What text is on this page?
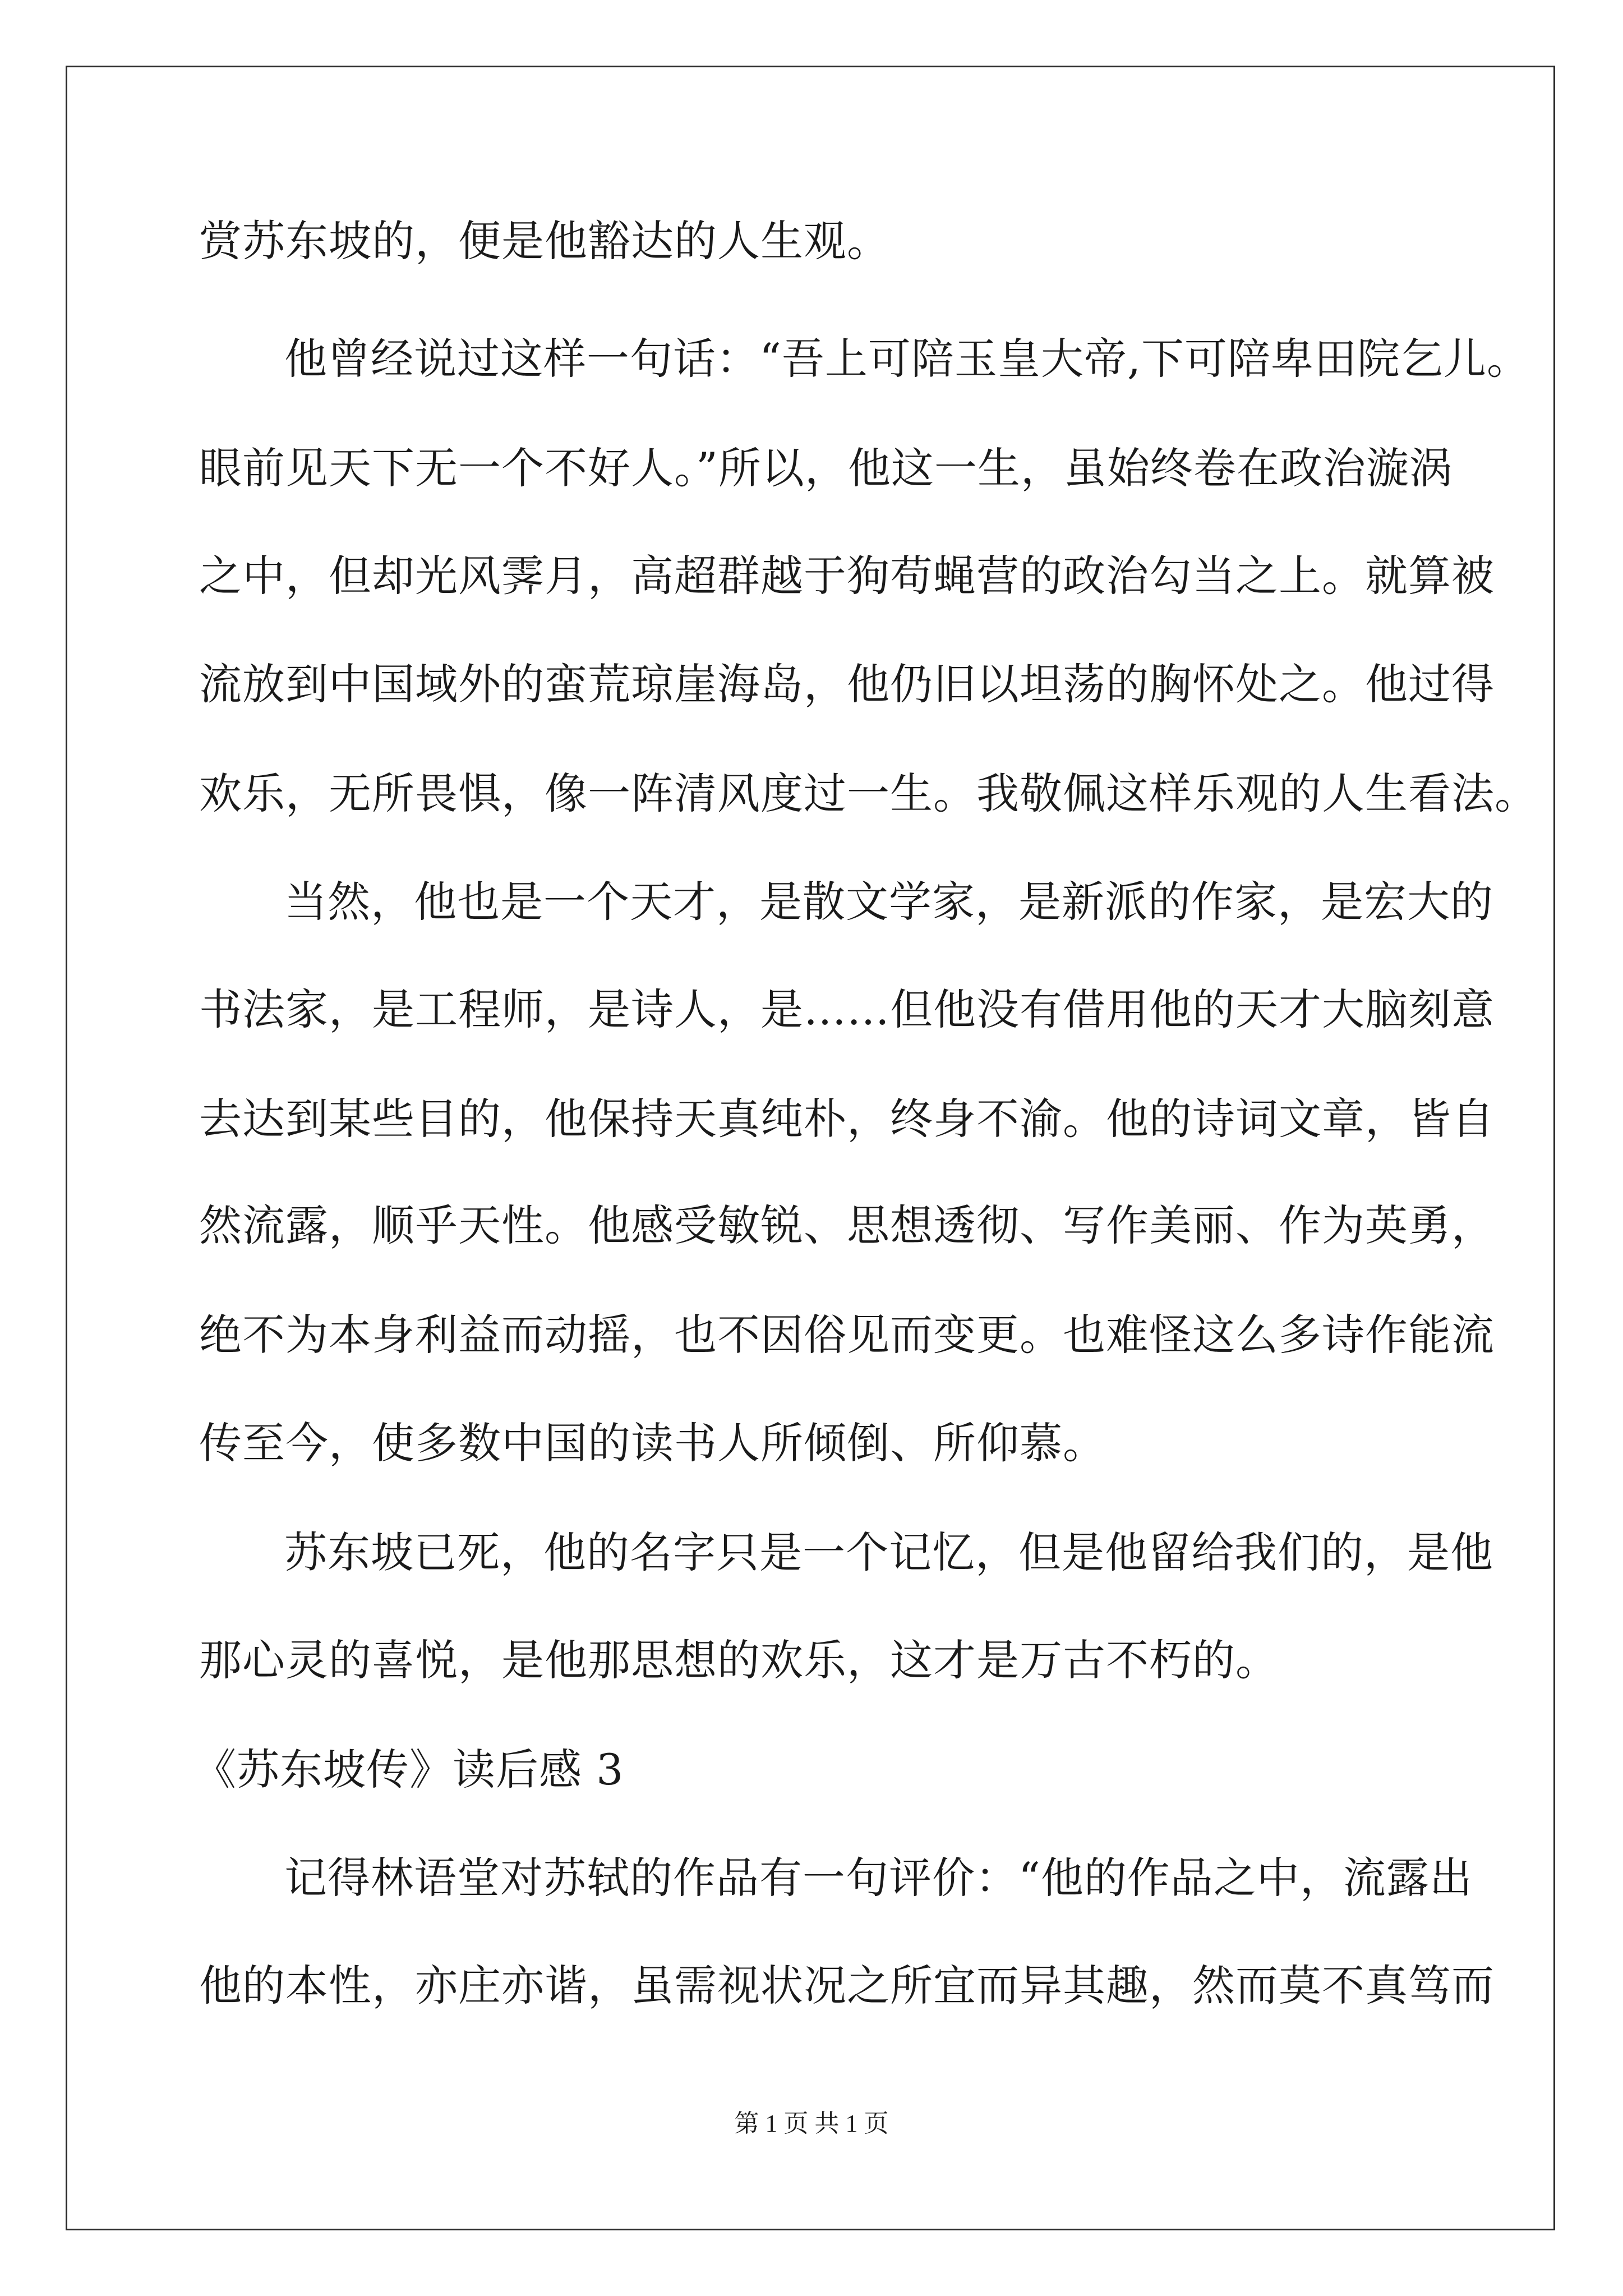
赏苏东坡的，便是他豁达的人生观。
他曾经说过这样一句话：“吾上可陪玉皇大帝,下可陪卑田院乞儿。
眼前见天下无一个不好人。”所以，他这一生，虽始终卷在政治漩涡
之中，但却光风霁月，高超群越于狗苟蝇营的政治勾当之上。就算被
流放到中国域外的蛮荒琼崖海岛，他仍旧以坦荡的胸怀处之。他过得
欢乐，无所畏惧，像一阵清风度过一生。我敬佩这样乐观的人生看法。
当然，他也是一个天才，是散文学家，是新派的作家，是宏大的
书法家，是工程师，是诗人，是……但他没有借用他的天才大脑刻意
去达到某些目的，他保持天真纯朴，终身不渝。他的诗词文章，皆自
然流露，顺乎天性。他感受敏锐、思想透彻、写作美丽、作为英勇，
绝不为本身利益而动摇，也不因俗见而变更。也难怪这么多诗作能流
传至今，使多数中国的读书人所倾倒、所仰慕。
苏东坡已死，他的名字只是一个记忆，但是他留给我们的，是他
那心灵的喜悦，是他那思想的欢乐，这才是万古不朽的。
《苏东坡传》读后感 3
记得林语堂对苏轼的作品有一句评价：“他的作品之中，流露出
他的本性，亦庄亦谐，虽需视状况之所宜而异其趣，然而莫不真笃而
第 1 页 共 1 页
